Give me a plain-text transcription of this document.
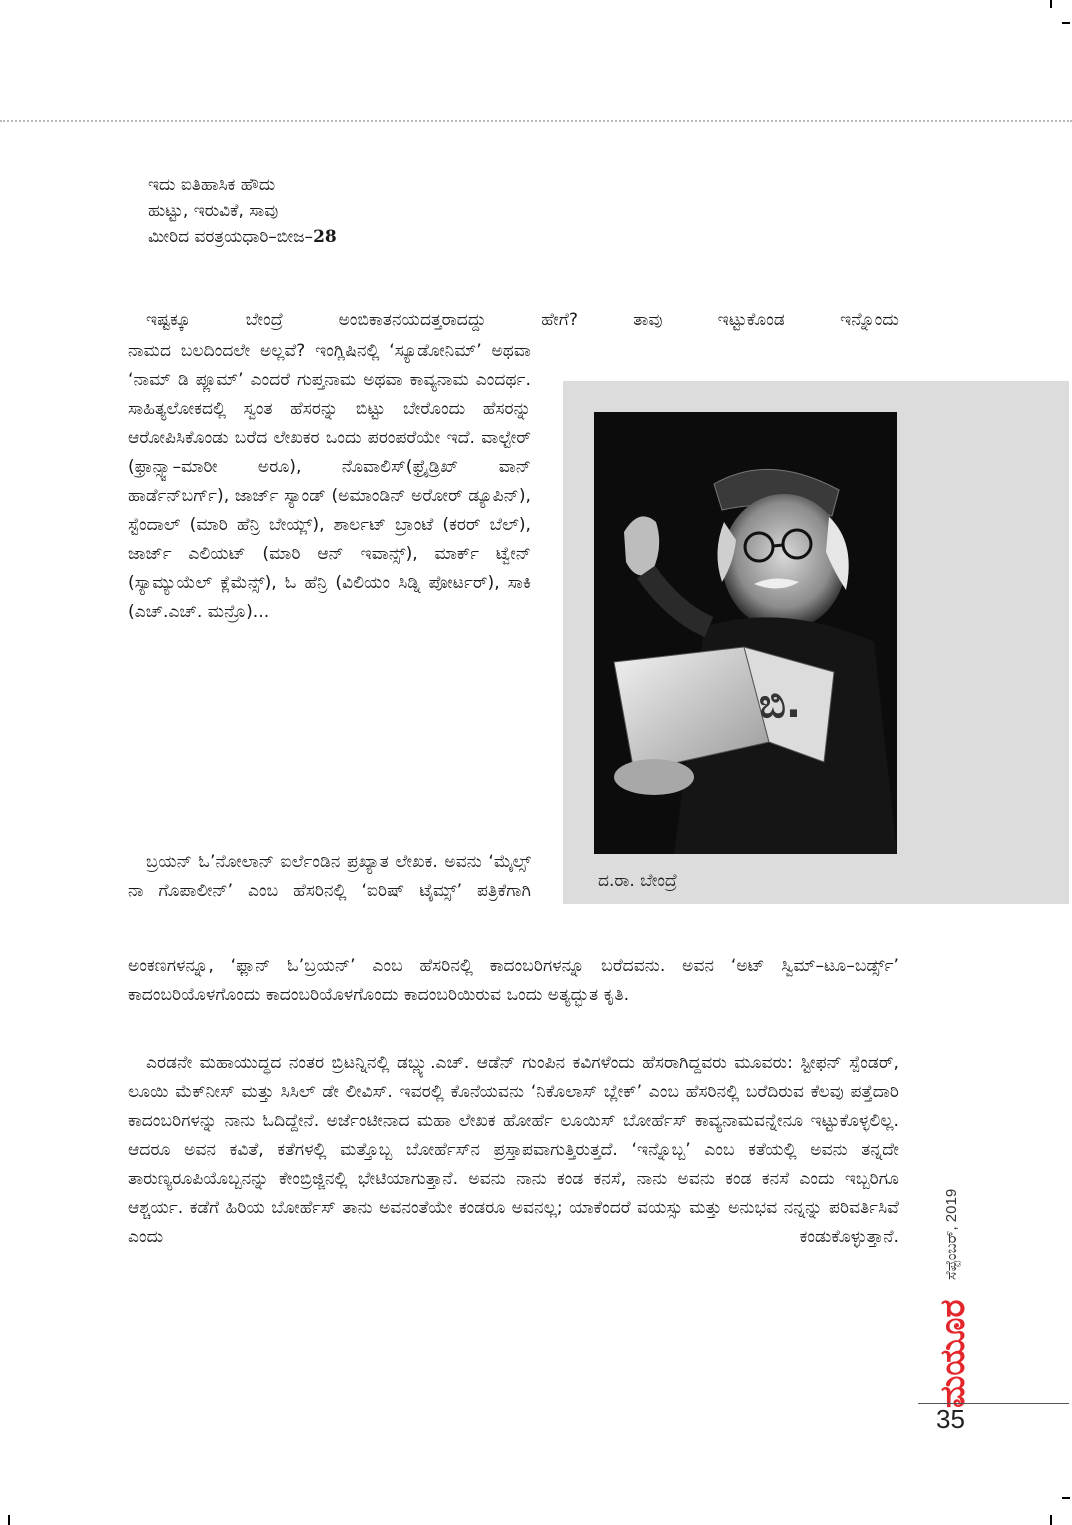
ಇದು ಐತಿಹಾಸಿಕ ಹೌದು
ಹುಟ್ಟು, ಇರುವಿಕೆ, ಸಾವು
ಮೀರಿದ ವರತ್ರಯಧಾರಿ–ಬೀಜ–28

ಇಷ್ಟಕ್ಕೂ ಬೇಂದ್ರೆ ಅಂಬಿಕಾತನಯದತ್ತರಾದದ್ದು ಹೇಗೆ? ತಾವು ಇಟ್ಟುಕೊಂಡ ಇನ್ನೊಂದು

ನಾಮದ ಬಲದಿಂದಲೇ ಅಲ್ಲವೆ? ಇಂಗ್ಲಿಷಿನಲ್ಲಿ ‘ಸ್ಯೂಡೋನಿಮ್’ ಅಥವಾ ‘ನಾಮ್ ಡಿ ಪ್ಲೂಮ್’ ಎಂದರೆ ಗುಪ್ತನಾಮ ಅಥವಾ ಕಾವ್ಯನಾಮ ಎಂದರ್ಥ. ಸಾಹಿತ್ಯಲೋಕದಲ್ಲಿ ಸ್ವಂತ ಹೆಸರನ್ನು ಬಿಟ್ಟು ಬೇರೊಂದು ಹೆಸರನ್ನು ಆರೋಪಿಸಿಕೊಂಡು ಬರೆದ ಲೇಖಕರ ಒಂದು ಪರಂಪರೆಯೇ ಇದೆ. ವಾಲ್ಟೇರ್ (ಫ್ರಾನ್ಸ್ವಾ–ಮಾರೀ ಅರೂ), ನೊವಾಲಿಸ್(ಫ್ರೈಡ್ರಿಖ್ ವಾನ್ ಹಾರ್ಡೆನ್‌ಬರ್ಗ್), ಜಾರ್ಜ್ ಸ್ಯಾಂಡ್ (ಅಮಾಂಡಿನ್ ಅರೋರ್ ಡ್ಯೂಪಿನ್), ಸ್ಟೆಂದಾಲ್ (ಮಾರಿ ಹೆನ್ರಿ ಬೇಯ್ಲ್), ಶಾರ್ಲಟ್ ಬ್ರಾಂಟೆ (ಕರರ್ ಬೆಲ್), ಜಾರ್ಜ್ ಎಲಿಯಟ್ (ಮಾರಿ ಆನ್ ಇವಾನ್ಸ್), ಮಾರ್ಕ್ ಟ್ವೇನ್ (ಸ್ಯಾಮ್ಯುಯೆಲ್ ಕ್ಲೆಮೆನ್ಸ್), ಓ ಹೆನ್ರಿ (ವಿಲಿಯಂ ಸಿಡ್ನಿ ಪೋರ್ಟರ್), ಸಾಕಿ (ಎಚ್.ಎಚ್. ಮನ್ರೊ)...

ಬ್ರಯನ್ ಓ’ನೋಲಾನ್ ಐರ್ಲೆಂಡಿನ ಪ್ರಖ್ಯಾತ ಲೇಖಕ. ಅವನು ‘ಮೈಲ್ಸ್ ನಾ ಗೊಪಾಲೀನ್’ ಎಂಬ ಹೆಸರಿನಲ್ಲಿ ‘ಐರಿಷ್ ಟೈಮ್ಸ್’ ಪತ್ರಿಕೆಗಾಗಿ

ಅಂಕಣಗಳನ್ನೂ, ‘ಫ್ಲಾನ್ ಓ’ಬ್ರಯನ್’ ಎಂಬ ಹೆಸರಿನಲ್ಲಿ ಕಾದಂಬರಿಗಳನ್ನೂ ಬರೆದವನು. ಅವನ ‘ಅಟ್ ಸ್ವಿಮ್–ಟೂ–ಬರ್ಡ್ಸ್’ ಕಾದಂಬರಿಯೊಳಗೊಂದು ಕಾದಂಬರಿಯೊಳಗೊಂದು ಕಾದಂಬರಿಯಿರುವ ಒಂದು ಅತ್ಯದ್ಭುತ ಕೃತಿ.

ಎರಡನೇ ಮಹಾಯುದ್ಧದ ನಂತರ ಬ್ರಿಟನ್ನಿನಲ್ಲಿ ಡಬ್ಲ್ಯು.ಎಚ್. ಆಡೆನ್ ಗುಂಪಿನ ಕವಿಗಳೆಂದು ಹೆಸರಾಗಿದ್ದವರು ಮೂವರು: ಸ್ಟೀಫನ್ ಸ್ಪೆಂಡರ್, ಲೂಯಿ ಮೆಕ್‌ನೀಸ್ ಮತ್ತು ಸಿಸಿಲ್ ಡೇ ಲೀವಿಸ್. ಇವರಲ್ಲಿ ಕೊನೆಯವನು ‘ನಿಕೊಲಾಸ್ ಬ್ಲೇಕ್’ ಎಂಬ ಹೆಸರಿನಲ್ಲಿ ಬರೆದಿರುವ ಕೆಲವು ಪತ್ತೆದಾರಿ ಕಾದಂಬರಿಗಳನ್ನು ನಾನು ಓದಿದ್ದೇನೆ. ಅರ್ಜೆಂಟೀನಾದ ಮಹಾ ಲೇಖಕ ಹೋರ್ಹೆ ಲೂಯಿಸ್ ಬೋರ್ಹೆಸ್ ಕಾವ್ಯನಾಮವನ್ನೇನೂ ಇಟ್ಟುಕೊಳ್ಳಲಿಲ್ಲ. ಆದರೂ ಅವನ ಕವಿತೆ, ಕತೆಗಳಲ್ಲಿ ಮತ್ತೊಬ್ಬ ಬೋರ್ಹೆಸ್‌ನ ಪ್ರಸ್ತಾಪವಾಗುತ್ತಿರುತ್ತದೆ. ‘ಇನ್ನೊಬ್ಬ’ ಎಂಬ ಕತೆಯಲ್ಲಿ ಅವನು ತನ್ನದೇ ತಾರುಣ್ಯರೂಪಿಯೊಬ್ಬನನ್ನು ಕೇಂಬ್ರಿಜ್ಜಿನಲ್ಲಿ ಭೇಟಿಯಾಗುತ್ತಾನೆ. ಅವನು ನಾನು ಕಂಡ ಕನಸೆ, ನಾನು ಅವನು ಕಂಡ ಕನಸೆ ಎಂದು ಇಬ್ಬರಿಗೂ ಆಶ್ಚರ್ಯ. ಕಡೆಗೆ ಹಿರಿಯ ಬೋರ್ಹೆಸ್ ತಾನು ಅವನಂತೆಯೇ ಕಂಡರೂ ಅವನಲ್ಲ; ಯಾಕೆಂದರೆ ವಯಸ್ಸು ಮತ್ತು ಅನುಭವ ನನ್ನನ್ನು ಪರಿವರ್ತಿಸಿವೆ ಎಂದು ಕಂಡುಕೊಳ್ಳುತ್ತಾನೆ.

ಬಿ.
ದ.ರಾ. ಬೇಂದ್ರೆ
ಸೆಪ್ಟೆಂಬರ್, 2019
ಮಯೂರ
35
